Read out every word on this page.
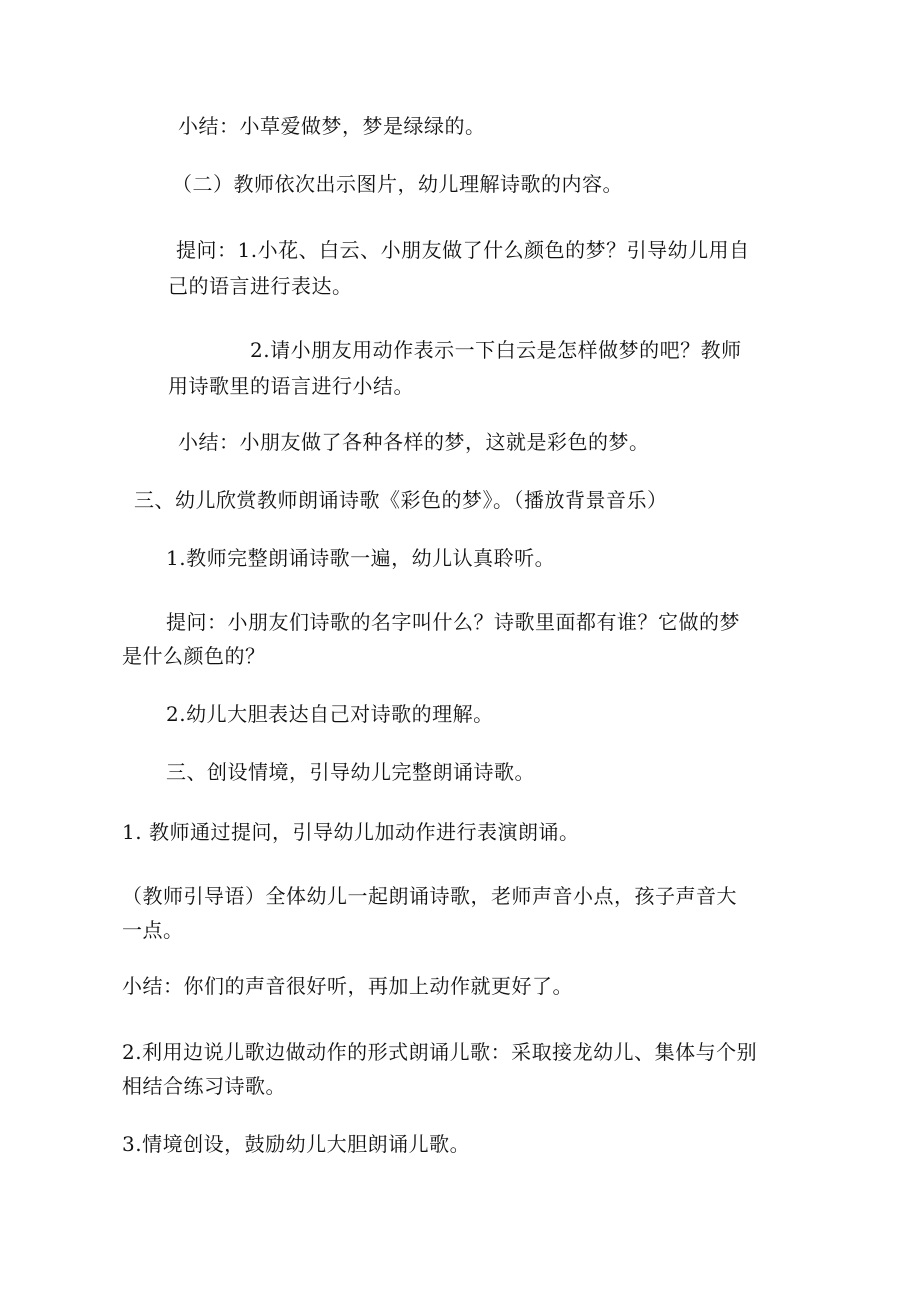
小结：小草爱做梦，梦是绿绿的。
（二）教师依次出示图片，幼儿理解诗歌的内容。
提问：1.小花、白云、小朋友做了什么颜色的梦？引导幼儿用自
己的语言进行表达。
2.请小朋友用动作表示一下白云是怎样做梦的吧？教师
用诗歌里的语言进行小结。
小结：小朋友做了各种各样的梦，这就是彩色的梦。
三、幼儿欣赏教师朗诵诗歌《彩色的梦》。（播放背景音乐）
1.教师完整朗诵诗歌一遍，幼儿认真聆听。
提问：小朋友们诗歌的名字叫什么？诗歌里面都有谁？它做的梦
是什么颜色的？
2.幼儿大胆表达自己对诗歌的理解。
三、创设情境，引导幼儿完整朗诵诗歌。
1. 教师通过提问，引导幼儿加动作进行表演朗诵。
（教师引导语）全体幼儿一起朗诵诗歌，老师声音小点，孩子声音大
一点。
小结：你们的声音很好听，再加上动作就更好了。
2.利用边说儿歌边做动作的形式朗诵儿歌：采取接龙幼儿、集体与个别
相结合练习诗歌。
3.情境创设，鼓励幼儿大胆朗诵儿歌。
